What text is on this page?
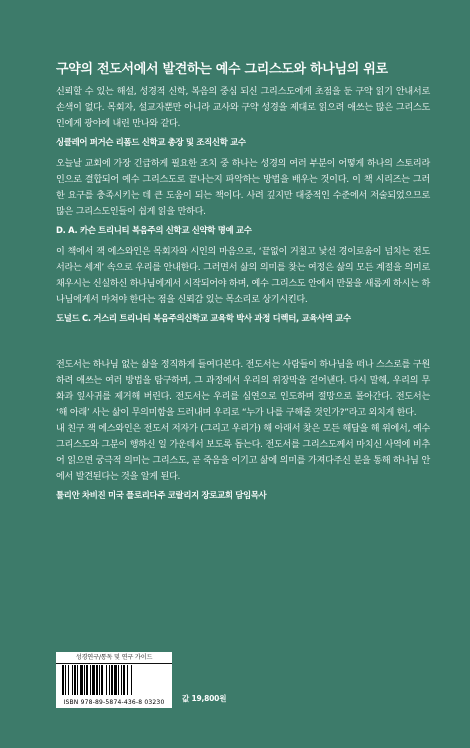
구약의 전도서에서 발견하는 예수 그리스도와 하나님의 위로

신뢰할 수 있는 해설, 성경적 신학, 복음의 중심 되신 그리스도에게 초점을 둔 구약 읽기 안내서로 손색이 없다. 목회자, 설교자뿐만 아니라 교사와 구약 성경을 제대로 읽으려 애쓰는 많은 그리스도인에게 광야에 내린 만나와 같다.

싱클레어 퍼거슨 리폼드 신학교 총장 및 조직신학 교수

오늘날 교회에 가장 긴급하게 필요한 조치 중 하나는 성경의 여러 부분이 어떻게 하나의 스토리라인으로 결합되어 예수 그리스도로 끝나는지 파악하는 방법을 배우는 것이다. 이 책 시리즈는 그러한 요구를 충족시키는 데 큰 도움이 되는 책이다. 사려 깊지만 대중적인 수준에서 저술되었으므로 많은 그리스도인들이 쉽게 읽을 만하다.

D. A. 카슨 트리니티 복음주의 신학교 신약학 명예 교수

이 책에서 잭 에스와인은 목회자와 시인의 마음으로, ‘끝없이 거칠고 낯선 경이로움이 넘치는 전도서라는 세계’ 속으로 우리를 안내한다. 그러면서 삶의 의미를 찾는 여정은 삶의 모든 계절을 의미로 채우시는 신실하신 하나님에게서 시작되어야 하며, 예수 그리스도 안에서 만물을 새롭게 하시는 하나님에게서 마쳐야 한다는 점을 신뢰감 있는 목소리로 상기시킨다.

도널드 C. 거스리 트리니티 복음주의신학교 교육학 박사 과정 디렉터, 교육사역 교수

전도서는 하나님 없는 삶을 정직하게 들여다본다. 전도서는 사람들이 하나님을 떠나 스스로를 구원하려 애쓰는 여러 방법을 탐구하며, 그 과정에서 우리의 위장막을 걷어낸다. 다시 말해, 우리의 무화과 잎사귀를 제거해 버린다. 전도서는 우리를 심연으로 인도하며 절망으로 몰아간다. 전도서는 ‘해 아래’ 사는 삶이 무의미함을 드러내며 우리로 “누가 나를 구해줄 것인가?”라고 외치게 한다.

내 친구 잭 에스와인은 전도서 저자가 (그리고 우리가) 해 아래서 찾은 모든 해답을 해 위에서, 예수 그리스도와 그분이 행하신 일 가운데서 보도록 돕는다. 전도서를 그리스도께서 마치신 사역에 비추어 읽으면 궁극적 의미는 그리스도, 곧 죽음을 이기고 삶에 의미를 가져다주신 분을 통해 하나님 안에서 발견된다는 것을 알게 된다.

툴리안 차비진 미국 플로리다주 코랄리지 장로교회 담임목사
성경연구/통독 및 연구 가이드
ISBN 978-89-5874-436-8 03230	값 19,800원
